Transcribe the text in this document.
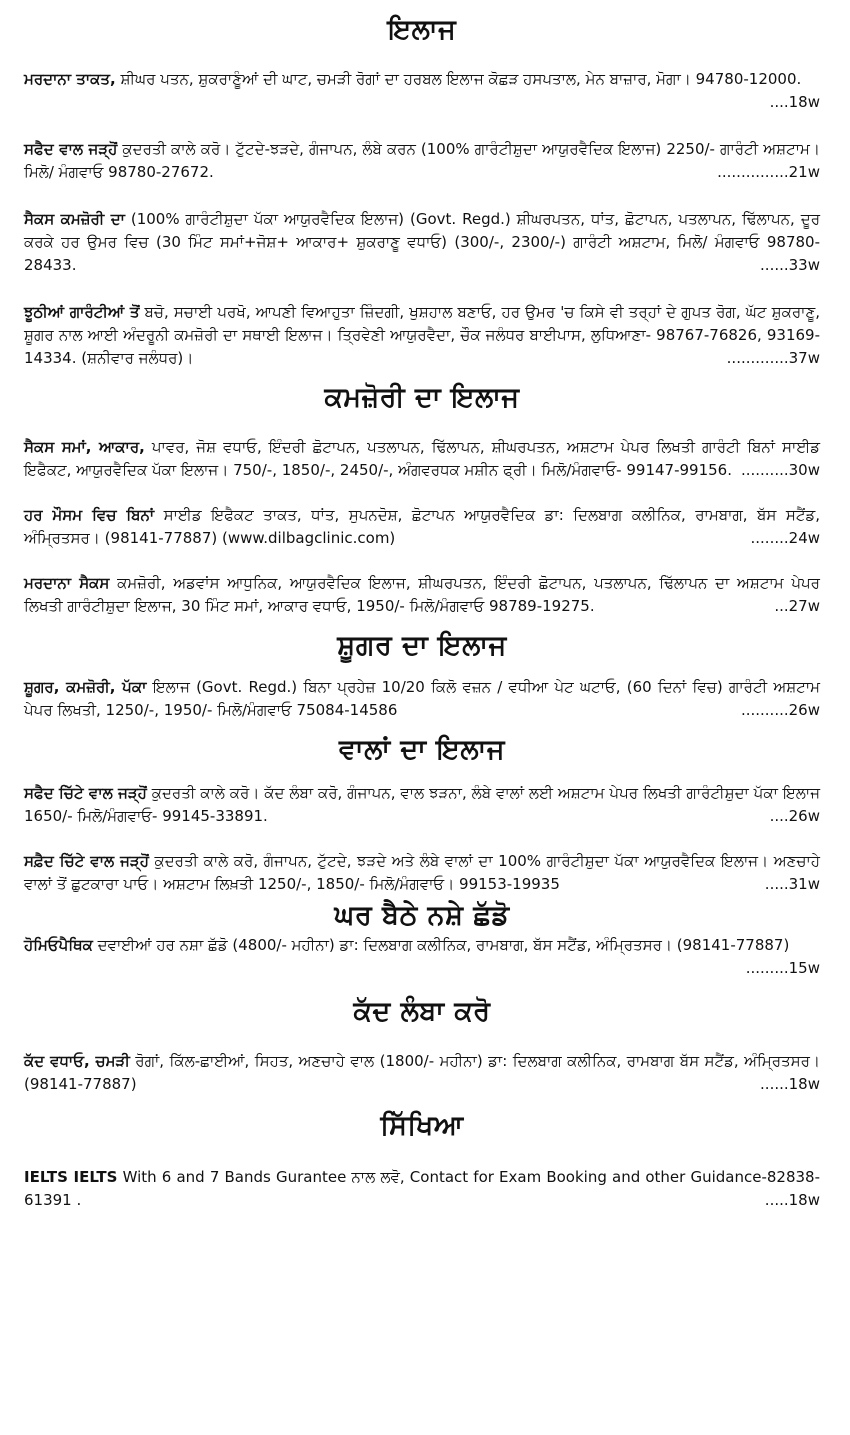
ਇਲਾਜ

ਮਰਦਾਨਾ ਤਾਕਤ, ਸ਼ੀਘਰ ਪਤਨ, ਸ਼ੁਕਰਾਣੂੰਆਂ ਦੀ ਘਾਟ, ਚਮੜੀ ਰੋਗਾਂ ਦਾ ਹਰਬਲ ਇਲਾਜ ਕੋਛੜ ਹਸਪਤਾਲ, ਮੇਨ ਬਾਜ਼ਾਰ, ਮੋਗਾ। 94780-12000.
....18w

ਸਫੈਦ ਵਾਲ ਜੜ੍ਹੋਂ ਕੁਦਰਤੀ ਕਾਲੇ ਕਰੋ। ਟੁੱਟਦੇ-ਝੜਦੇ, ਗੰਜਾਪਨ, ਲੰਬੇ ਕਰਨ (100% ਗਾਰੰਟੀਸ਼ੁਦਾ ਆਯੁਰਵੈਦਿਕ ਇਲਾਜ) 2250/- ਗਾਰੰਟੀ ਅਸ਼ਟਾਮ। ਮਿਲੋ/ ਮੰਗਵਾਓ 98780-27672.	...............21w

ਸੈਕਸ ਕਮਜ਼ੋਰੀ ਦਾ (100% ਗਾਰੰਟੀਸ਼ੁਦਾ ਪੱਕਾ ਆਯੁਰਵੈਦਿਕ ਇਲਾਜ) (Govt. Regd.) ਸ਼ੀਘਰਪਤਨ, ਧਾਂਤ, ਛੋਟਾਪਨ, ਪਤਲਾਪਨ, ਢਿੱਲਾਪਨ, ਦੂਰ ਕਰਕੇ ਹਰ ਉਮਰ ਵਿਚ (30 ਮਿੰਟ ਸਮਾਂ+ਜੋਸ਼+ ਆਕਾਰ+ ਸ਼ੁਕਰਾਣੂ ਵਧਾਓ) (300/-, 2300/-) ਗਾਰੰਟੀ ਅਸ਼ਟਾਮ, ਮਿਲੋ/ ਮੰਗਵਾਓ 98780-28433.	......33w

ਝੂਠੀਆਂ ਗਾਰੰਟੀਆਂ ਤੋਂ ਬਚੋ, ਸਚਾਈ ਪਰਖੋ, ਆਪਣੀ ਵਿਆਹੁਤਾ ਜ਼ਿੰਦਗੀ, ਖੁਸ਼ਹਾਲ ਬਣਾਓ, ਹਰ ਉਮਰ 'ਚ ਕਿਸੇ ਵੀ ਤਰ੍ਹਾਂ ਦੇ ਗੁਪਤ ਰੋਗ, ਘੱਟ ਸ਼ੁਕਰਾਣੂ, ਸ਼ੂਗਰ ਨਾਲ ਆਈ ਅੰਦਰੂਨੀ ਕਮਜ਼ੋਰੀ ਦਾ ਸਥਾਈ ਇਲਾਜ। ਤ੍ਰਿਵੇਣੀ ਆਯੁਰਵੈਦਾ, ਚੌਕ ਜਲੰਧਰ ਬਾਈਪਾਸ, ਲੁਧਿਆਣਾ- 98767-76826, 93169-14334. (ਸ਼ਨੀਵਾਰ ਜਲੰਧਰ)।	.............37w

ਕਮਜ਼ੋਰੀ ਦਾ ਇਲਾਜ

ਸੈਕਸ ਸਮਾਂ, ਆਕਾਰ, ਪਾਵਰ, ਜੋਸ਼ ਵਧਾਓ, ਇੰਦਰੀ ਛੋਟਾਪਨ, ਪਤਲਾਪਨ, ਢਿੱਲਾਪਨ, ਸ਼ੀਘਰਪਤਨ, ਅਸ਼ਟਾਮ ਪੇਪਰ ਲਿਖਤੀ ਗਾਰੰਟੀ ਬਿਨਾਂ ਸਾਈਡ ਇਫੈਕਟ, ਆਯੁਰਵੈਦਿਕ ਪੱਕਾ ਇਲਾਜ। 750/-, 1850/-, 2450/-, ਅੰਗਵਰਧਕ ਮਸ਼ੀਨ ਫ੍ਰੀ। ਮਿਲੋ/ਮੰਗਵਾਓ- 99147-99156. ..........30w

ਹਰ ਮੌਸਮ ਵਿਚ ਬਿਨਾਂ ਸਾਈਡ ਇਫੈਕਟ ਤਾਕਤ, ਧਾਂਤ, ਸੁਪਨਦੋਸ਼, ਛੋਟਾਪਨ ਆਯੁਰਵੈਦਿਕ ਡਾ: ਦਿਲਬਾਗ ਕਲੀਨਿਕ, ਰਾਮਬਾਗ, ਬੱਸ ਸਟੈਂਡ, ਅੰਮ੍ਰਿਤਸਰ। (98141-77887) (www.dilbagclinic.com)	........24w

ਮਰਦਾਨਾ ਸੈਕਸ ਕਮਜ਼ੋਰੀ, ਅਡਵਾਂਸ ਆਧੁਨਿਕ, ਆਯੁਰਵੈਦਿਕ ਇਲਾਜ, ਸ਼ੀਘਰਪਤਨ, ਇੰਦਰੀ ਛੋਟਾਪਨ, ਪਤਲਾਪਨ, ਢਿੱਲਾਪਨ ਦਾ ਅਸ਼ਟਾਮ ਪੇਪਰ ਲਿਖਤੀ ਗਾਰੰਟੀਸ਼ੁਦਾ ਇਲਾਜ, 30 ਮਿੰਟ ਸਮਾਂ, ਆਕਾਰ ਵਧਾਓ, 1950/- ਮਿਲੋ/ਮੰਗਵਾਓ 98789-19275.	...27w

ਸ਼ੂਗਰ ਦਾ ਇਲਾਜ

ਸ਼ੂਗਰ, ਕਮਜ਼ੋਰੀ, ਪੱਕਾ ਇਲਾਜ (Govt. Regd.) ਬਿਨਾ ਪ੍ਰਹੇਜ਼ 10/20 ਕਿਲੋ ਵਜ਼ਨ / ਵਧੀਆ ਪੇਟ ਘਟਾਓ, (60 ਦਿਨਾਂ ਵਿਚ) ਗਾਰੰਟੀ ਅਸ਼ਟਾਮ ਪੇਪਰ ਲਿਖਤੀ, 1250/-, 1950/- ਮਿਲੋ/ਮੰਗਵਾਓ 75084-14586	..........26w

ਵਾਲਾਂ ਦਾ ਇਲਾਜ

ਸਫੈਦ ਚਿੱਟੇ ਵਾਲ ਜੜ੍ਹੋਂ ਕੁਦਰਤੀ ਕਾਲੇ ਕਰੋ। ਕੱਦ ਲੰਬਾ ਕਰੋ, ਗੰਜਾਪਨ, ਵਾਲ ਝੜਨਾ, ਲੰਬੇ ਵਾਲਾਂ ਲਈ ਅਸ਼ਟਾਮ ਪੇਪਰ ਲਿਖਤੀ ਗਾਰੰਟੀਸ਼ੁਦਾ ਪੱਕਾ ਇਲਾਜ 1650/- ਮਿਲੋ/ਮੰਗਵਾਓ- 99145-33891.	....26w

ਸਫ਼ੈਦ ਚਿੱਟੇ ਵਾਲ ਜੜ੍ਹੋਂ ਕੁਦਰਤੀ ਕਾਲੇ ਕਰੋ, ਗੰਜਾਪਨ, ਟੁੱਟਦੇ, ਝੜਦੇ ਅਤੇ ਲੰਬੇ ਵਾਲਾਂ ਦਾ 100% ਗਾਰੰਟੀਸ਼ੁਦਾ ਪੱਕਾ ਆਯੁਰਵੈਦਿਕ ਇਲਾਜ। ਅਣਚਾਹੇ ਵਾਲਾਂ ਤੋਂ ਛੁਟਕਾਰਾ ਪਾਓ। ਅਸ਼ਟਾਮ ਲਿਖ਼ਤੀ 1250/-, 1850/- ਮਿਲੋ/ਮੰਗਵਾਓ। 99153-19935	.....31w

ਘਰ ਬੈਠੇ ਨਸ਼ੇ ਛੱਡੋ

ਹੋਮਿਓਪੈਥਿਕ ਦਵਾਈਆਂ ਹਰ ਨਸ਼ਾ ਛੱਡੋ (4800/- ਮਹੀਨਾ) ਡਾ: ਦਿਲਬਾਗ ਕਲੀਨਿਕ, ਰਾਮਬਾਗ, ਬੱਸ ਸਟੈਂਡ, ਅੰਮ੍ਰਿਤਸਰ। (98141-77887)
.........15w

ਕੱਦ ਲੰਬਾ ਕਰੋ

ਕੱਦ ਵਧਾਓ, ਚਮੜੀ ਰੋਗਾਂ, ਕਿੱਲ-ਛਾਈਆਂ, ਸਿਹਤ, ਅਣਚਾਹੇ ਵਾਲ (1800/- ਮਹੀਨਾ) ਡਾ: ਦਿਲਬਾਗ ਕਲੀਨਿਕ, ਰਾਮਬਾਗ ਬੱਸ ਸਟੈਂਡ, ਅੰਮ੍ਰਿਤਸਰ। (98141-77887)	......18w

ਸਿੱਖਿਆ

IELTS IELTS With 6 and 7 Bands Gurantee ਨਾਲ ਲਵੋ, Contact for Exam Booking and other Guidance-82838-61391 .	.....18w
